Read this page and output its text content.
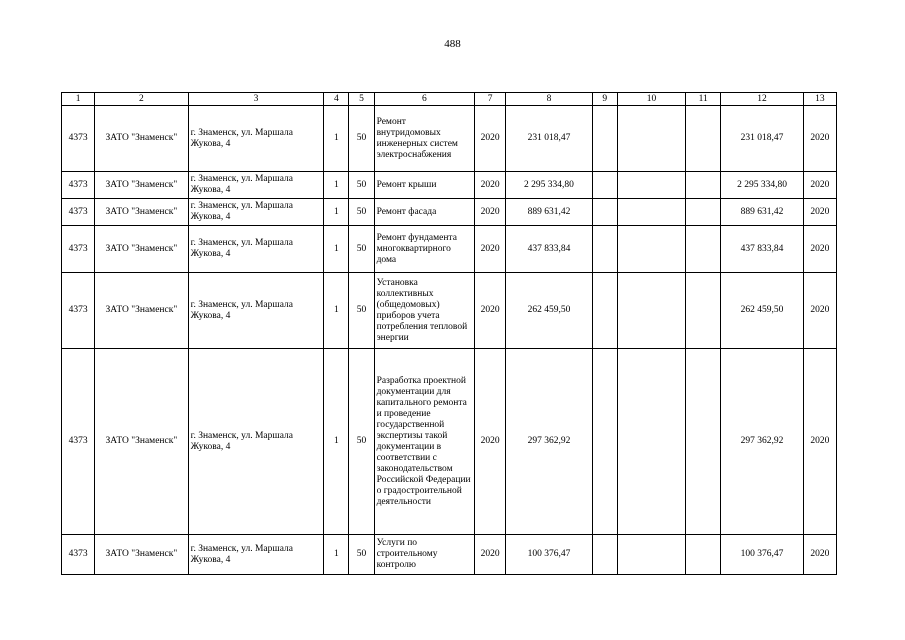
488
1	2	3	4	5	6	7	8	9	10	11	12	13
4373	ЗАТО "Знаменск"	г. Знаменск, ул. Маршала Жукова, 4	1	50	Ремонт внутридомовых инженерных систем электроснабжения	2020	231 018,47				231 018,47	2020
4373	ЗАТО "Знаменск"	г. Знаменск, ул. Маршала Жукова, 4	1	50	Ремонт крыши	2020	2 295 334,80				2 295 334,80	2020
4373	ЗАТО "Знаменск"	г. Знаменск, ул. Маршала Жукова, 4	1	50	Ремонт фасада	2020	889 631,42				889 631,42	2020
4373	ЗАТО "Знаменск"	г. Знаменск, ул. Маршала Жукова, 4	1	50	Ремонт фундамента многоквартирного дома	2020	437 833,84				437 833,84	2020
4373	ЗАТО "Знаменск"	г. Знаменск, ул. Маршала Жукова, 4	1	50	Установка коллективных (общедомовых) приборов учета потребления тепловой энергии	2020	262 459,50				262 459,50	2020
4373	ЗАТО "Знаменск"	г. Знаменск, ул. Маршала Жукова, 4	1	50	Разработка проектной документации для капитального ремонта и проведение государственной экспертизы такой документации в соответствии с законодательством Российской Федерации о градостроительной деятельности	2020	297 362,92				297 362,92	2020
4373	ЗАТО "Знаменск"	г. Знаменск, ул. Маршала Жукова, 4	1	50	Услуги по строительному контролю	2020	100 376,47				100 376,47	2020
